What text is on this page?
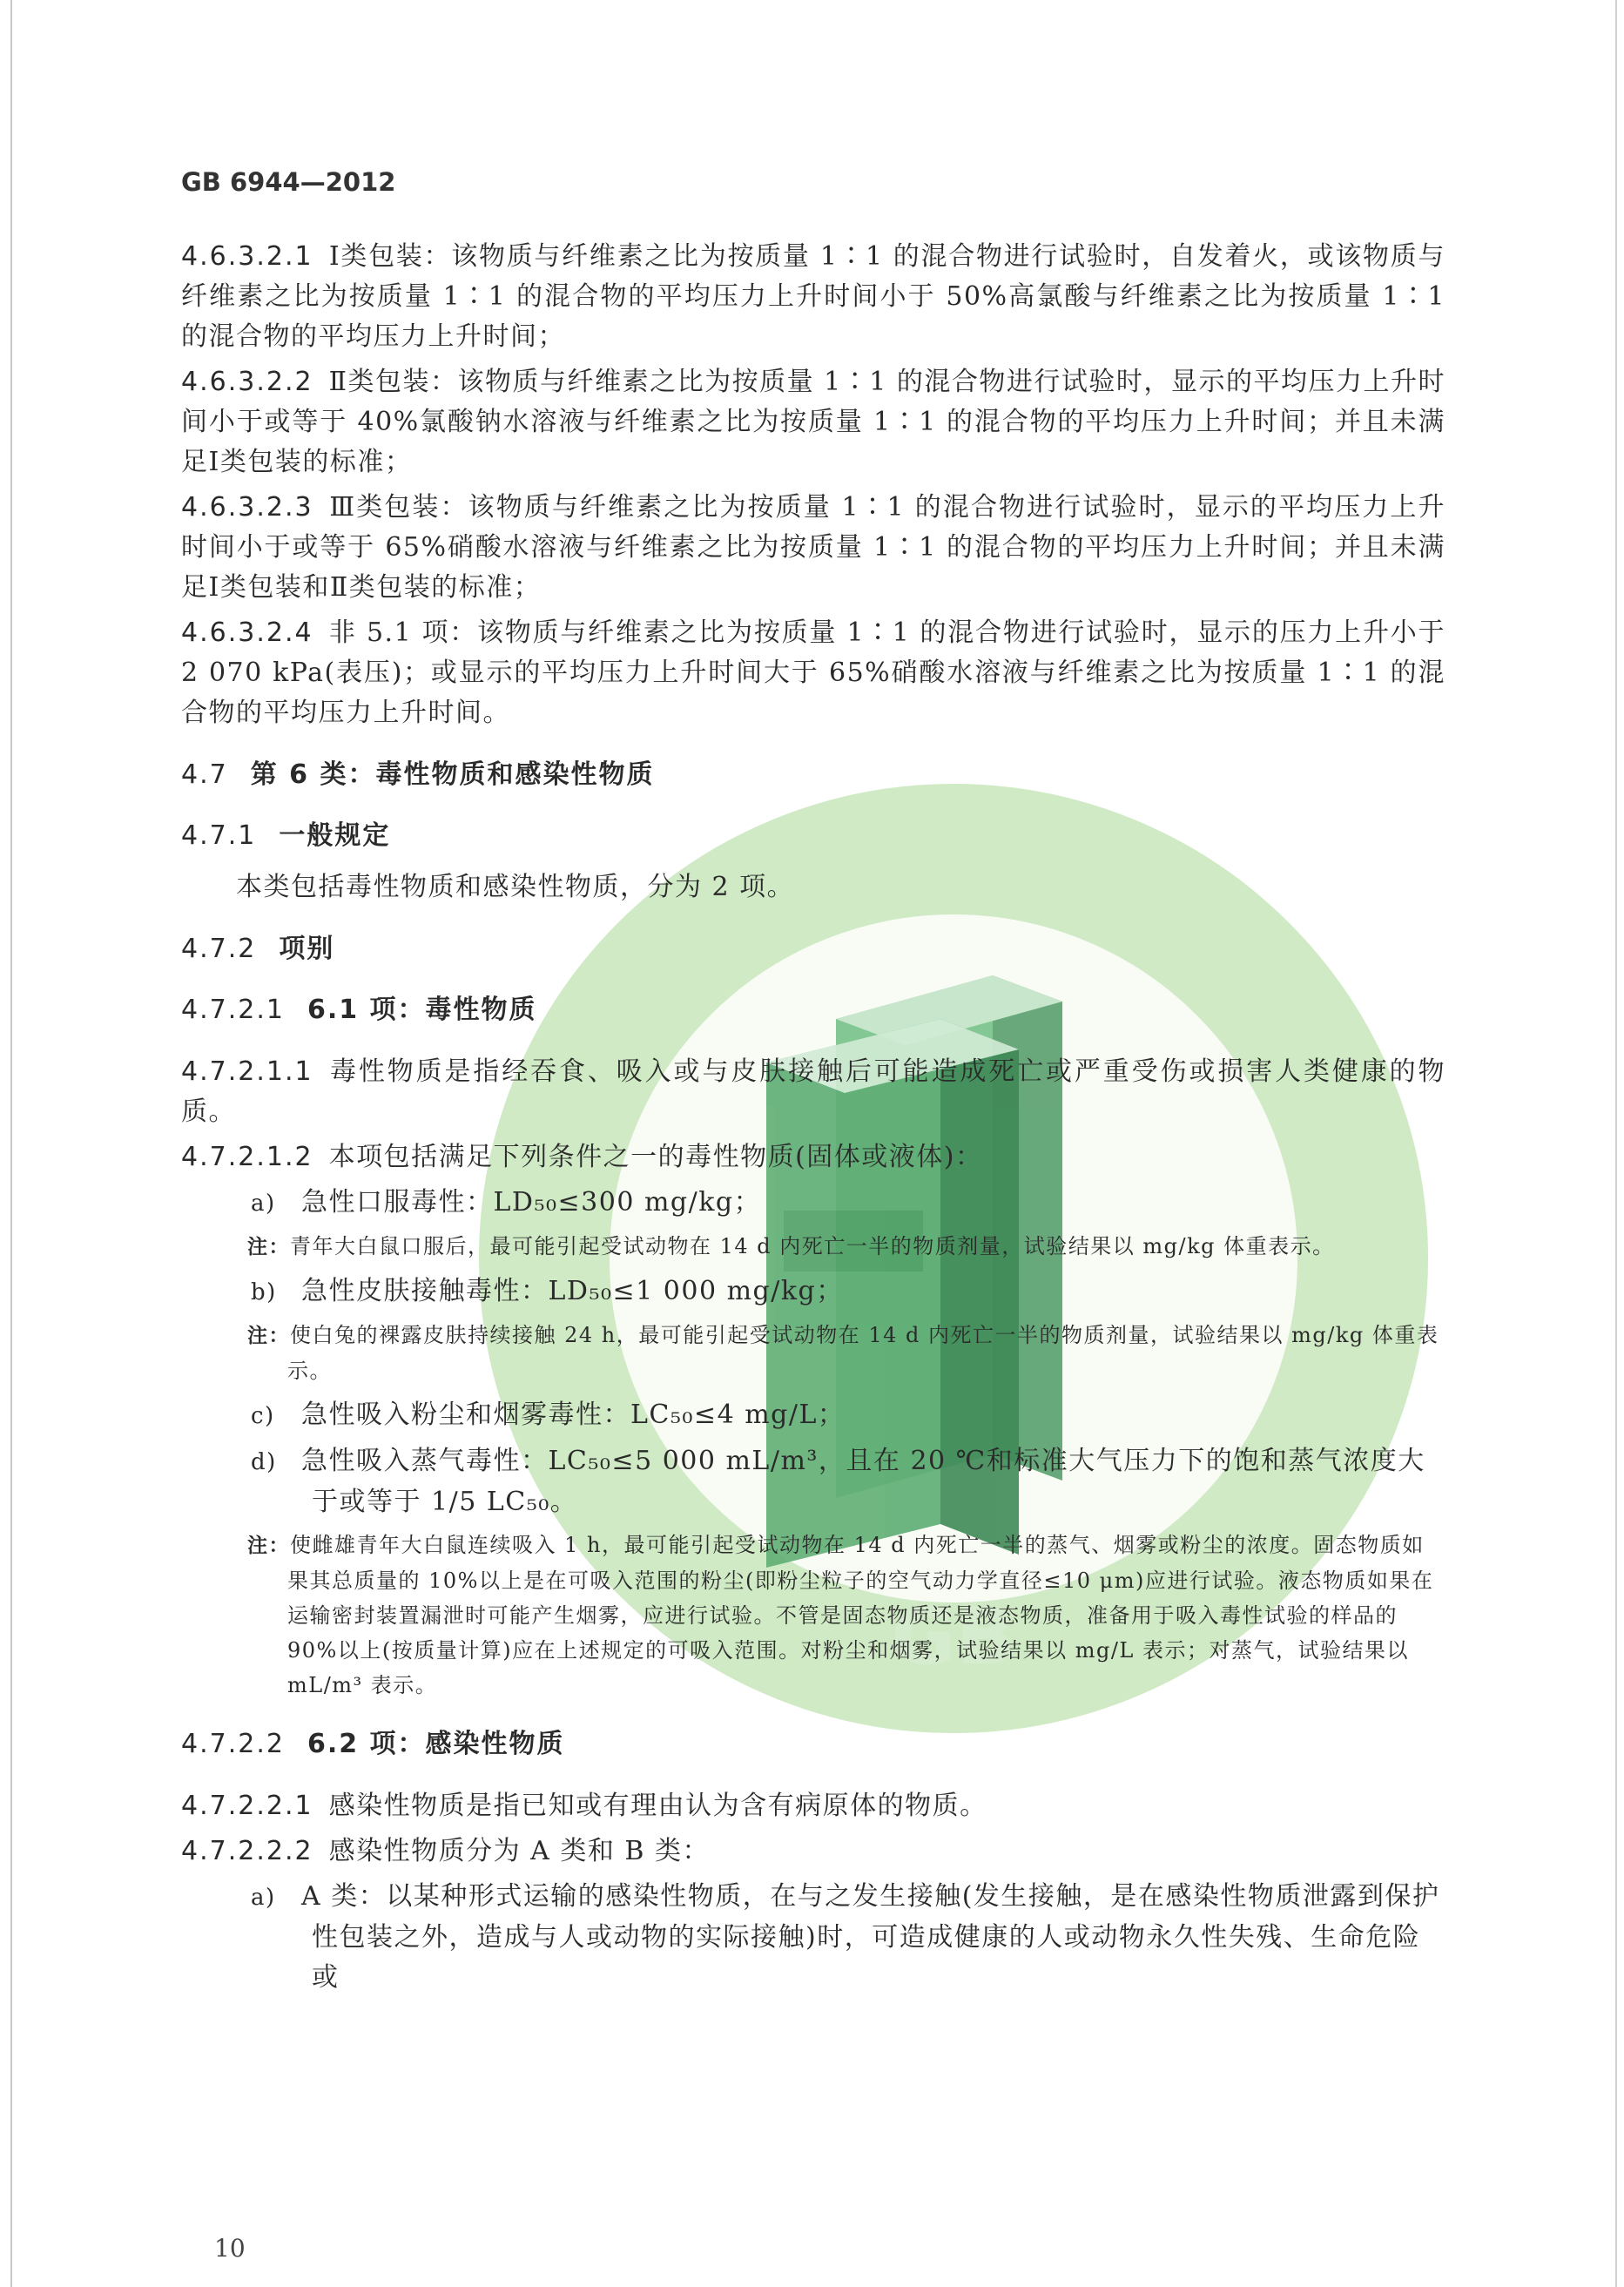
GB
GB 6944—2012

4.6.3.2.1 Ⅰ类包装：该物质与纤维素之比为按质量 1∶1 的混合物进行试验时，自发着火，或该物质与纤维素之比为按质量 1∶1 的混合物的平均压力上升时间小于 50%高氯酸与纤维素之比为按质量 1∶1 的混合物的平均压力上升时间；

4.6.3.2.2 Ⅱ类包装：该物质与纤维素之比为按质量 1∶1 的混合物进行试验时，显示的平均压力上升时间小于或等于 40%氯酸钠水溶液与纤维素之比为按质量 1∶1 的混合物的平均压力上升时间；并且未满足Ⅰ类包装的标准；

4.6.3.2.3 Ⅲ类包装：该物质与纤维素之比为按质量 1∶1 的混合物进行试验时，显示的平均压力上升时间小于或等于 65%硝酸水溶液与纤维素之比为按质量 1∶1 的混合物的平均压力上升时间；并且未满足Ⅰ类包装和Ⅱ类包装的标准；

4.6.3.2.4 非 5.1 项：该物质与纤维素之比为按质量 1∶1 的混合物进行试验时，显示的压力上升小于 2 070 kPa(表压)；或显示的平均压力上升时间大于 65%硝酸水溶液与纤维素之比为按质量 1∶1 的混合物的平均压力上升时间。

4.7 第 6 类：毒性物质和感染性物质
4.7.1 一般规定

本类包括毒性物质和感染性物质，分为 2 项。

4.7.2 项别
4.7.2.1 6.1 项：毒性物质

4.7.2.1.1 毒性物质是指经吞食、吸入或与皮肤接触后可能造成死亡或严重受伤或损害人类健康的物质。

4.7.2.1.2 本项包括满足下列条件之一的毒性物质(固体或液体)：

a) 急性口服毒性：LD₅₀≤300 mg/kg；
注：青年大白鼠口服后，最可能引起受试动物在 14 d 内死亡一半的物质剂量，试验结果以 mg/kg 体重表示。
b) 急性皮肤接触毒性：LD₅₀≤1 000 mg/kg；
注：使白兔的裸露皮肤持续接触 24 h，最可能引起受试动物在 14 d 内死亡一半的物质剂量，试验结果以 mg/kg 体重表示。
c) 急性吸入粉尘和烟雾毒性：LC₅₀≤4 mg/L；
d) 急性吸入蒸气毒性：LC₅₀≤5 000 mL/m³，且在 20 ℃和标准大气压力下的饱和蒸气浓度大于或等于 1/5 LC₅₀。
注：使雌雄青年大白鼠连续吸入 1 h，最可能引起受试动物在 14 d 内死亡一半的蒸气、烟雾或粉尘的浓度。固态物质如果其总质量的 10%以上是在可吸入范围的粉尘(即粉尘粒子的空气动力学直径≤10 μm)应进行试验。液态物质如果在运输密封装置漏泄时可能产生烟雾，应进行试验。不管是固态物质还是液态物质，准备用于吸入毒性试验的样品的 90%以上(按质量计算)应在上述规定的可吸入范围。对粉尘和烟雾，试验结果以 mg/L 表示；对蒸气，试验结果以 mL/m³ 表示。
4.7.2.2 6.2 项：感染性物质

4.7.2.2.1 感染性物质是指已知或有理由认为含有病原体的物质。

4.7.2.2.2 感染性物质分为 A 类和 B 类：

a) A 类：以某种形式运输的感染性物质，在与之发生接触(发生接触，是在感染性物质泄露到保护性包装之外，造成与人或动物的实际接触)时，可造成健康的人或动物永久性失残、生命危险或
10
